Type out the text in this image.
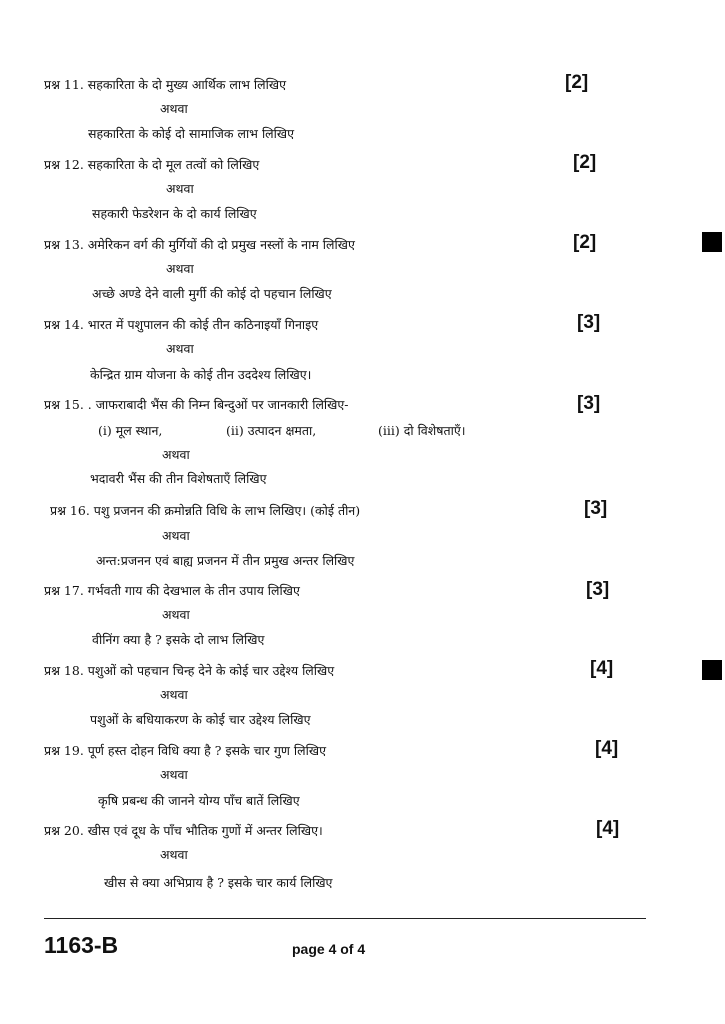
प्रश्न 11. सहकारिता के दो मुख्य आर्थिक लाभ लिखिए	[2]
अथवा
सहकारिता के कोई दो सामाजिक लाभ लिखिए
प्रश्न 12. सहकारिता के दो मूल तत्वों को लिखिए	[2]
अथवा
सहकारी फेडरेशन के दो कार्य लिखिए
प्रश्न 13. अमेरिकन वर्ग की मुर्गियों की दो प्रमुख नस्लों के नाम लिखिए	[2]
अथवा
अच्छे अण्डे देने वाली मुर्गी की कोई दो पहचान लिखिए
प्रश्न 14. भारत में पशुपालन की कोई तीन कठिनाइयाँ गिनाइए	[3]
अथवा
केन्द्रित ग्राम योजना के कोई तीन उददेश्य लिखिए।
प्रश्न 15. . जाफराबादी भैंस की निम्न बिन्दुओं पर जानकारी लिखिए-	[3]
(i) मूल स्थान,	(ii) उत्पादन क्षमता,	(iii) दो विशेषताएँ।
अथवा
भदावरी भैंस की तीन विशेषताएँ लिखिए
प्रश्न 16. पशु प्रजनन की क्रमोन्नति विधि के लाभ लिखिए। (कोई तीन)	[3]
अथवा
अन्त:प्रजनन एवं बाह्य प्रजनन में तीन प्रमुख अन्तर लिखिए
प्रश्न 17. गर्भवती गाय की देखभाल के तीन उपाय लिखिए	[3]
अथवा
वीनिंग क्या है ? इसके दो लाभ लिखिए
प्रश्न 18. पशुओं को पहचान चिन्ह देने के कोई चार उद्देश्य लिखिए	[4]
अथवा
पशुओं के बधियाकरण के कोई चार उद्देश्य लिखिए
प्रश्न 19. पूर्ण हस्त दोहन विधि क्या है ? इसके चार गुण लिखिए	[4]
अथवा
कृषि प्रबन्ध की जानने योग्य पाँच बातें लिखिए
प्रश्न 20. खीस एवं दूध के पाँच भौतिक गुणों में अन्तर लिखिए।	[4]
अथवा
खीस से क्या अभिप्राय है ? इसके चार कार्य लिखिए
1163-B	page 4 of 4
